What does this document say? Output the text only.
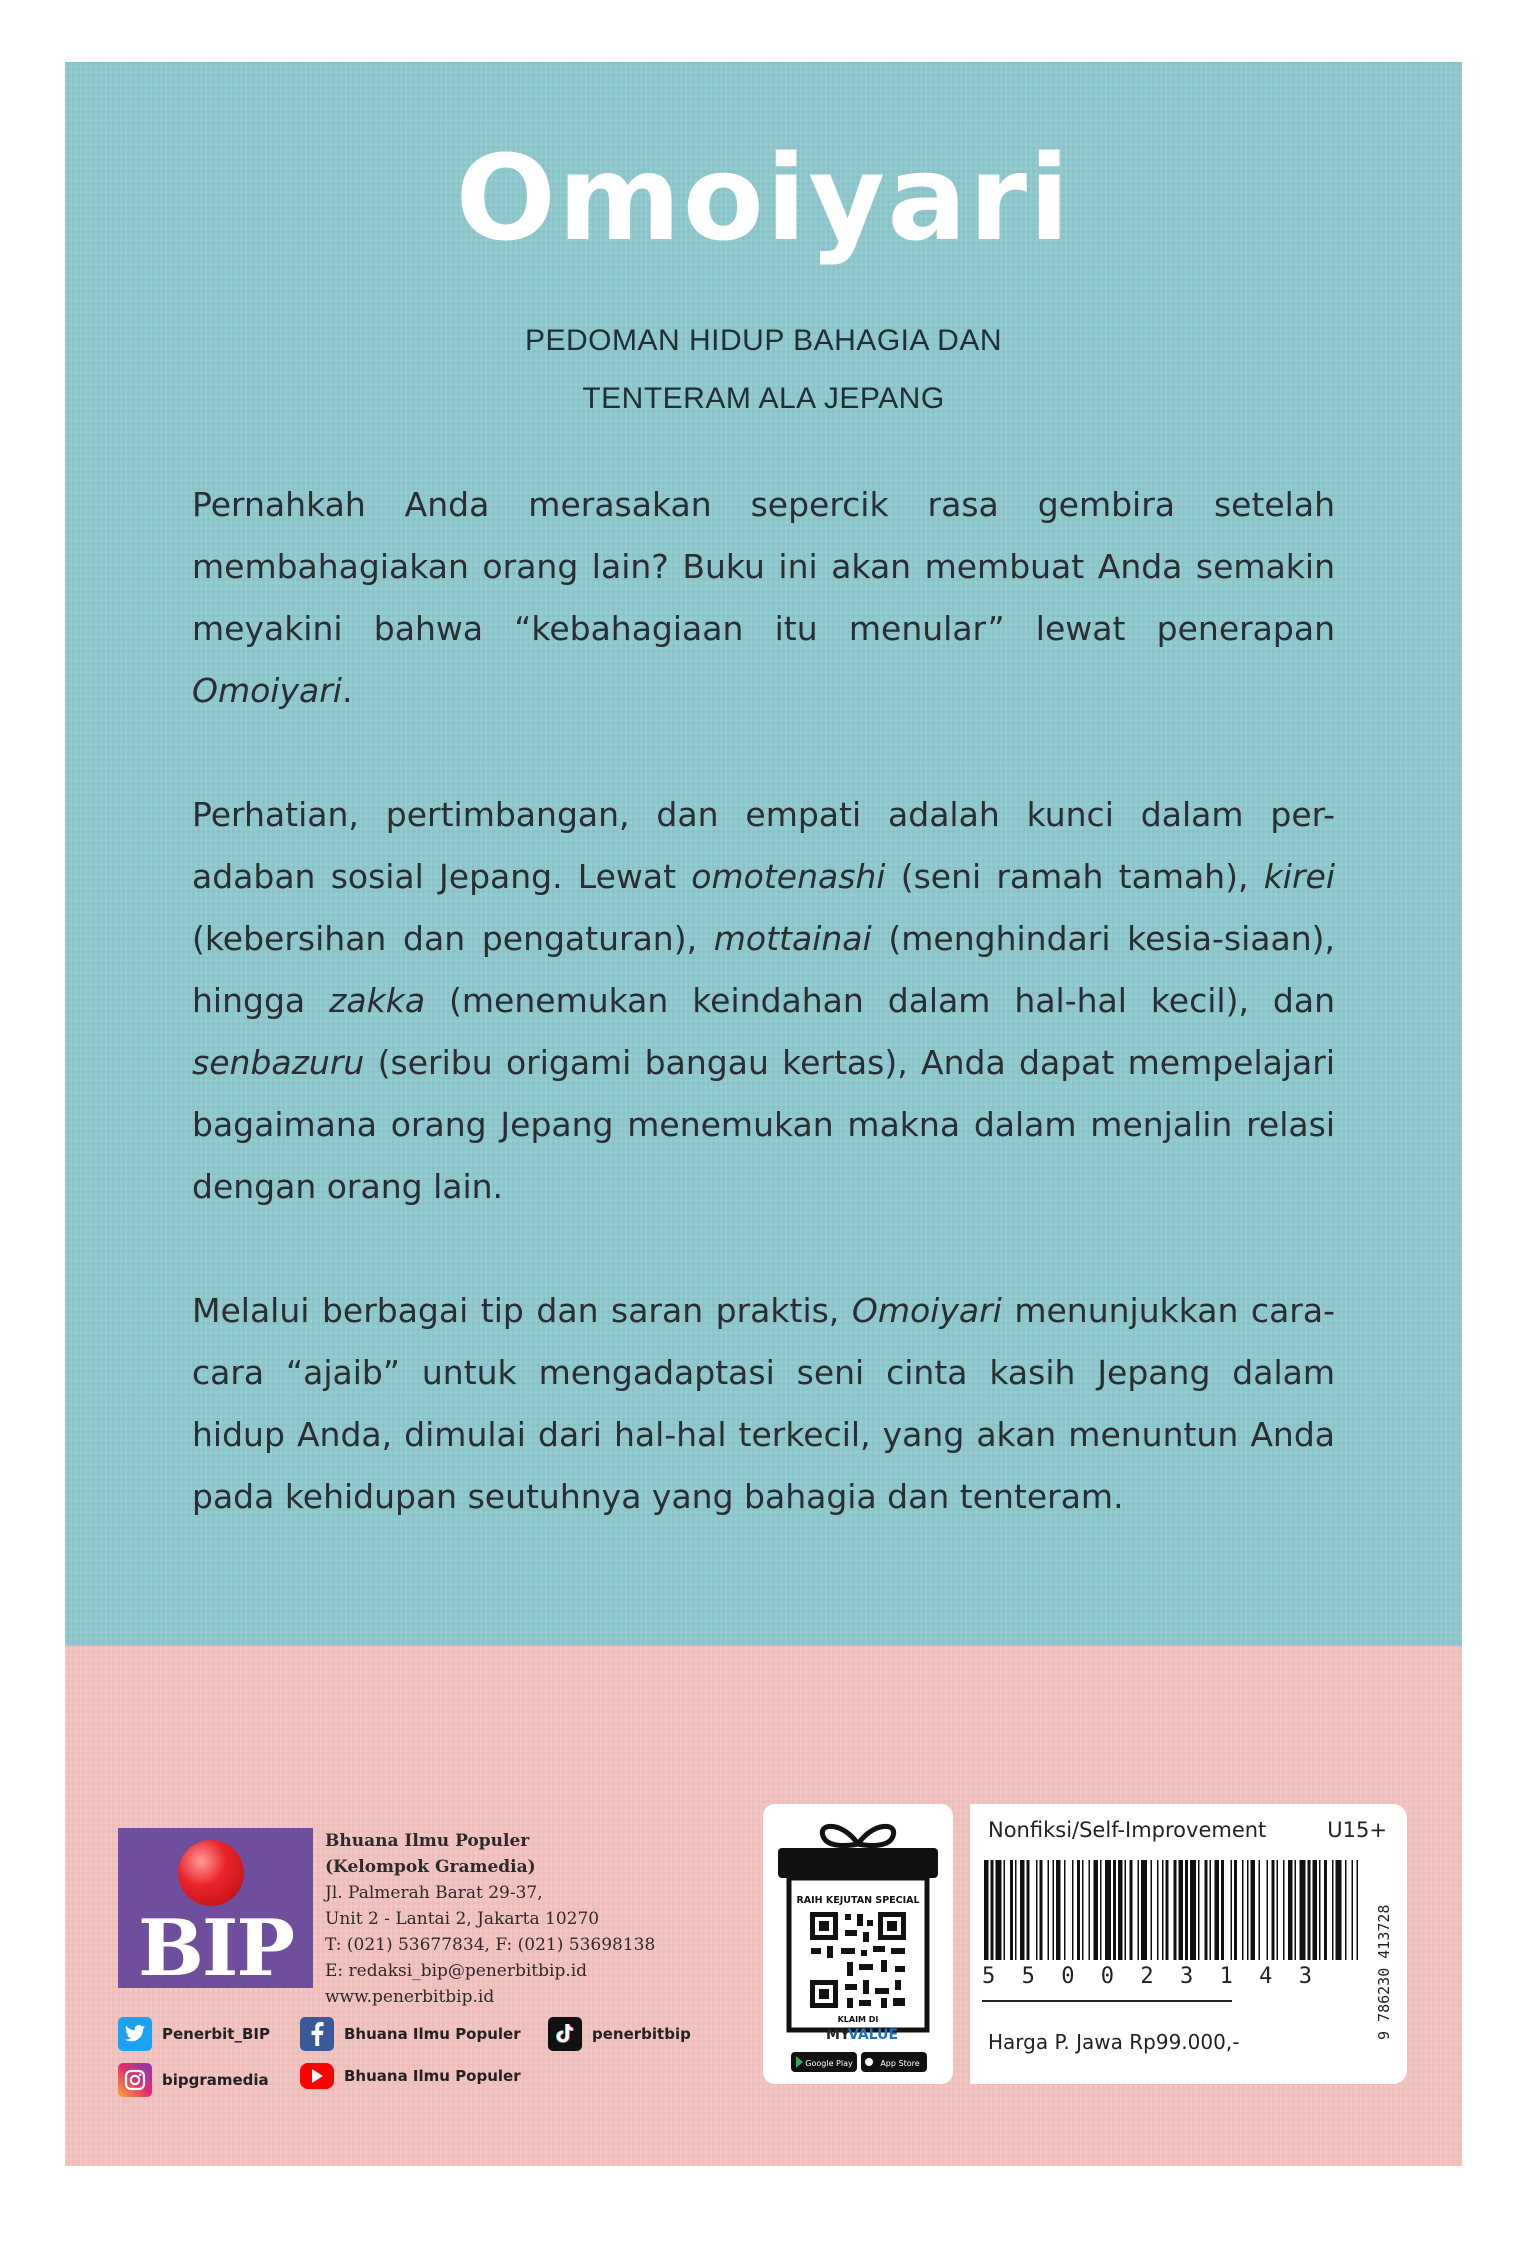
Omoiyari
PEDOMAN HIDUP BAHAGIA DAN
TENTERAM ALA JEPANG

Pernahkah Anda merasakan sepercik rasa gembira setelah membahagiakan orang lain? Buku ini akan membuat Anda semakin meyakini bahwa “kebahagiaan itu menular” lewat penerapan Omoiyari.

Perhatian, pertimbangan, dan empati adalah kunci dalam per-adaban sosial Jepang. Lewat omotenashi (seni ramah tamah), kirei (kebersihan dan pengaturan), mottainai (menghindari kesia-siaan), hingga zakka (menemukan keindahan dalam hal-hal kecil), dan senbazuru (seribu origami bangau kertas), Anda dapat mempelajari bagaimana orang Jepang menemukan makna dalam menjalin relasi dengan orang lain.

Melalui berbagai tip dan saran praktis, Omoiyari menunjukkan cara-cara “ajaib” untuk mengadaptasi seni cinta kasih Jepang dalam hidup Anda, dimulai dari hal-hal terkecil, yang akan menuntun Anda pada kehidupan seutuhnya yang bahagia dan tenteram.

BIP
Bhuana Ilmu Populer
(Kelompok Gramedia)
Jl. Palmerah Barat 29-37,
Unit 2 - Lantai 2, Jakarta 10270
T: (021) 53677834, F: (021) 53698138
E: redaksi_bip@penerbitbip.id
www.penerbitbip.id
Penerbit_BIP	Bhuana Ilmu Populer	penerbitbip
bipgramedia	Bhuana Ilmu Populer
RAIH KEJUTAN SPECIAL
KLAIM DI
MY
VALUE
Google Play	App Store
Nonfiksi/Self-Improvement	U15+
5 5 0 0 2 3 1 4 3
Harga P. Jawa Rp99.000,-
9 786230 413728
